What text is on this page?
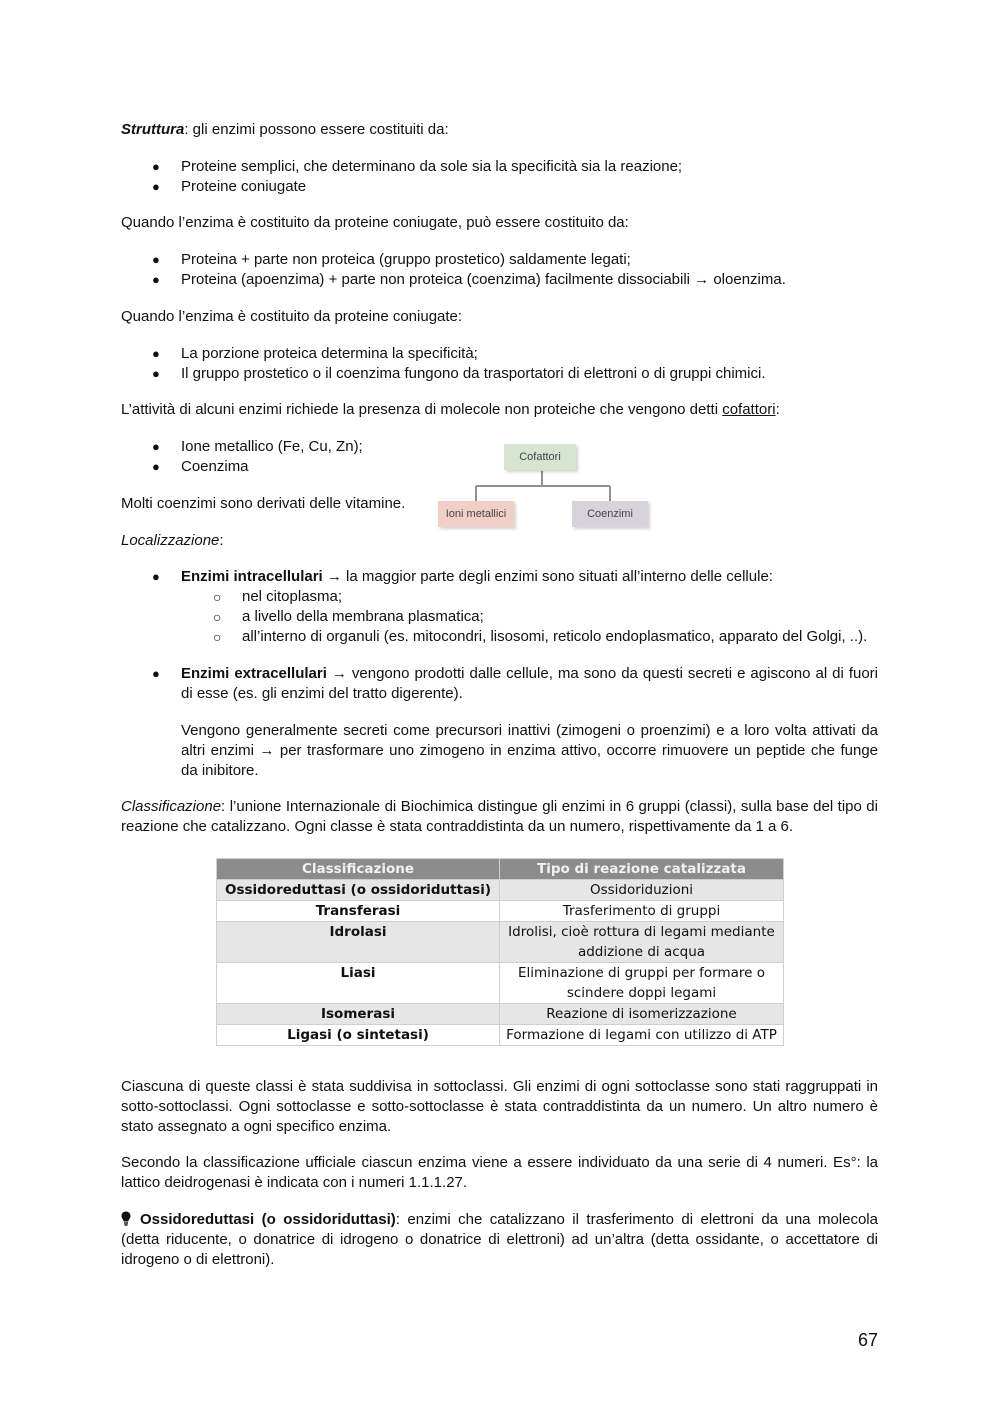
Struttura: gli enzimi possono essere costituiti da:

● Proteine semplici, che determinano da sole sia la specificità sia la reazione;
● Proteine coniugate

Quando l’enzima è costituito da proteine coniugate, può essere costituito da:

● Proteina + parte non proteica (gruppo prostetico) saldamente legati;
● Proteina (apoenzima) + parte non proteica (coenzima) facilmente dissociabili → oloenzima.

Quando l’enzima è costituito da proteine coniugate:

● La porzione proteica determina la specificità;
● Il gruppo prostetico o il coenzima fungono da trasportatori di elettroni o di gruppi chimici.

L’attività di alcuni enzimi richiede la presenza di molecole non proteiche che vengono detti cofattori:

● Ione metallico (Fe, Cu, Zn);
● Coenzima

Molti coenzimi sono derivati delle vitamine.

Cofattori
Ioni metallici	Coenzimi

Localizzazione:

● Enzimi intracellulari → la maggior parte degli enzimi sono situati all’interno delle cellule:
○ nel citoplasma;
○ a livello della membrana plasmatica;
○ all’interno di organuli (es. mitocondri, lisosomi, reticolo endoplasmatico, apparato del Golgi, ..).
● Enzimi extracellulari → vengono prodotti dalle cellule, ma sono da questi secreti e agiscono al di fuori di esse (es. gli enzimi del tratto digerente).

Vengono generalmente secreti come precursori inattivi (zimogeni o proenzimi) e a loro volta attivati da altri enzimi → per trasformare uno zimogeno in enzima attivo, occorre rimuovere un peptide che funge da inibitore.

Classificazione: l’unione Internazionale di Biochimica distingue gli enzimi in 6 gruppi (classi), sulla base del tipo di reazione che catalizzano. Ogni classe è stata contraddistinta da un numero, rispettivamente da 1 a 6.

Classificazione	Tipo di reazione catalizzata
Ossidoreduttasi (o ossidoriduttasi)	Ossidoriduzioni
Transferasi	Trasferimento di gruppi
Idrolasi	Idrolisi, cioè rottura di legami mediante addizione di acqua
Liasi	Eliminazione di gruppi per formare o scindere doppi legami
Isomerasi	Reazione di isomerizzazione
Ligasi (o sintetasi)	Formazione di legami con utilizzo di ATP

Ciascuna di queste classi è stata suddivisa in sottoclassi. Gli enzimi di ogni sottoclasse sono stati raggruppati in sotto-sottoclassi. Ogni sottoclasse e sotto-sottoclasse è stata contraddistinta da un numero. Un altro numero è stato assegnato a ogni specifico enzima.

Secondo la classificazione ufficiale ciascun enzima viene a essere individuato da una serie di 4 numeri. Es°: la lattico deidrogenasi è indicata con i numeri 1.1.1.27.

Ossidoreduttasi (o ossidoriduttasi): enzimi che catalizzano il trasferimento di elettroni da una molecola (detta riducente, o donatrice di idrogeno o donatrice di elettroni) ad un’altra (detta ossidante, o accettatore di idrogeno o di elettroni).

67
